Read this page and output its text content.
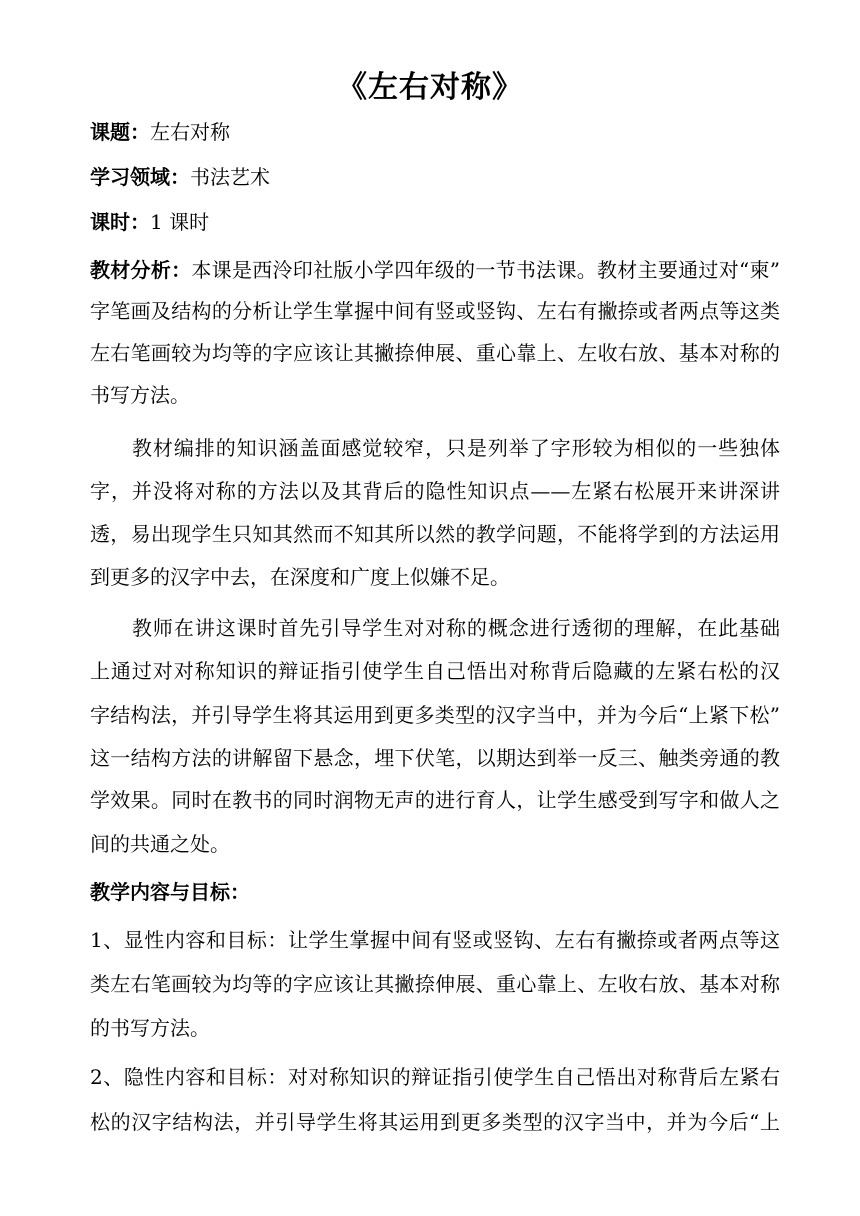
《左右对称》
课题：左右对称
学习领域：书法艺术
课时：1 课时
教材分析：本课是西泠印社版小学四年级的一节书法课。教材主要通过对“柬”
字笔画及结构的分析让学生掌握中间有竖或竖钩、左右有撇捺或者两点等这类
左右笔画较为均等的字应该让其撇捺伸展、重心靠上、左收右放、基本对称的
书写方法。
教材编排的知识涵盖面感觉较窄，只是列举了字形较为相似的一些独体
字，并没将对称的方法以及其背后的隐性知识点——左紧右松展开来讲深讲
透，易出现学生只知其然而不知其所以然的教学问题，不能将学到的方法运用
到更多的汉字中去，在深度和广度上似嫌不足。
教师在讲这课时首先引导学生对对称的概念进行透彻的理解，在此基础
上通过对对称知识的辩证指引使学生自己悟出对称背后隐藏的左紧右松的汉
字结构法，并引导学生将其运用到更多类型的汉字当中，并为今后“上紧下松”
这一结构方法的讲解留下悬念，埋下伏笔，以期达到举一反三、触类旁通的教
学效果。同时在教书的同时润物无声的进行育人，让学生感受到写字和做人之
间的共通之处。
教学内容与目标：
1、显性内容和目标：让学生掌握中间有竖或竖钩、左右有撇捺或者两点等这
类左右笔画较为均等的字应该让其撇捺伸展、重心靠上、左收右放、基本对称
的书写方法。
2、隐性内容和目标：对对称知识的辩证指引使学生自己悟出对称背后左紧右
松的汉字结构法，并引导学生将其运用到更多类型的汉字当中，并为今后“上
